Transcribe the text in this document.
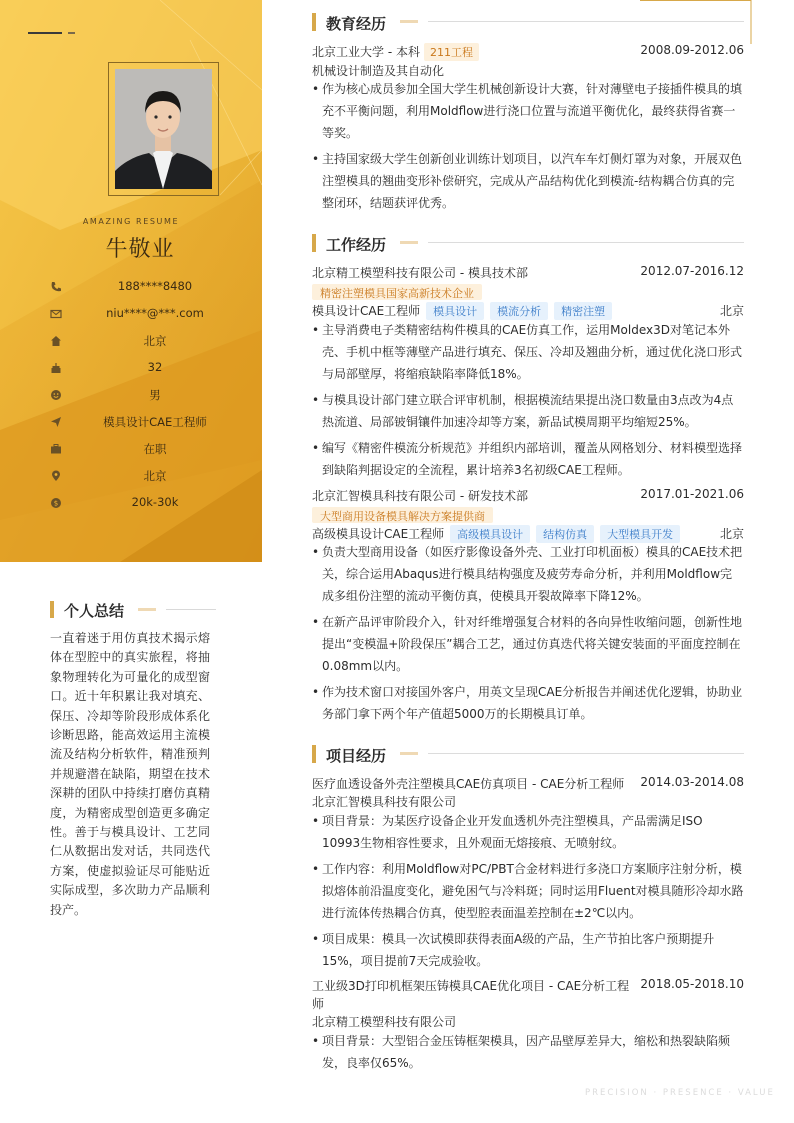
AMAZING RESUME
牛敬业
188****8480
niu****@***.com
北京
32
男
模具设计CAE工程师
在职
北京
$	20k-30k
个人总结
一直着迷于用仿真技术揭示熔体在型腔中的真实旅程，将抽象物理转化为可量化的成型窗口。近十年积累让我对填充、保压、冷却等阶段形成体系化诊断思路，能高效运用主流模流及结构分析软件，精准预判并规避潜在缺陷，期望在技术深耕的团队中持续打磨仿真精度，为精密成型创造更多确定性。善于与模具设计、工艺同仁从数据出发对话，共同迭代方案，使虚拟验证尽可能贴近实际成型，多次助力产品顺利投产。
教育经历
北京工业大学 - 本科 211工程	2008.09-2012.06
机械设计制造及其自动化
• 作为核心成员参加全国大学生机械创新设计大赛，针对薄壁电子接插件模具的填充不平衡问题，利用Moldflow进行浇口位置与流道平衡优化，最终获得省赛一等奖。
• 主持国家级大学生创新创业训练计划项目，以汽车车灯侧灯罩为对象，开展双色注塑模具的翘曲变形补偿研究，完成从产品结构优化到模流-结构耦合仿真的完整闭环，结题获评优秀。
工作经历
北京精工模塑科技有限公司 - 模具技术部	2012.07-2016.12
精密注塑模具国家高新技术企业
模具设计CAE工程师 模具设计 模流分析 精密注塑	北京
• 主导消费电子类精密结构件模具的CAE仿真工作，运用Moldex3D对笔记本外壳、手机中框等薄壁产品进行填充、保压、冷却及翘曲分析，通过优化浇口形式与局部壁厚，将缩痕缺陷率降低18%。
• 与模具设计部门建立联合评审机制，根据模流结果提出浇口数量由3点改为4点热流道、局部铍铜镶件加速冷却等方案，新品试模周期平均缩短25%。
• 编写《精密件模流分析规范》并组织内部培训，覆盖从网格划分、材料模型选择到缺陷判据设定的全流程，累计培养3名初级CAE工程师。
北京汇智模具科技有限公司 - 研发技术部	2017.01-2021.06
大型商用设备模具解决方案提供商
高级模具设计CAE工程师 高级模具设计 结构仿真 大型模具开发	北京
• 负责大型商用设备（如医疗影像设备外壳、工业打印机面板）模具的CAE技术把关，综合运用Abaqus进行模具结构强度及疲劳寿命分析，并利用Moldflow完成多组份注塑的流动平衡仿真，使模具开裂故障率下降12%。
• 在新产品评审阶段介入，针对纤维增强复合材料的各向异性收缩问题，创新性地提出“变模温+阶段保压”耦合工艺，通过仿真迭代将关键安装面的平面度控制在0.08mm以内。
• 作为技术窗口对接国外客户，用英文呈现CAE分析报告并阐述优化逻辑，协助业务部门拿下两个年产值超5000万的长期模具订单。
项目经历
医疗血透设备外壳注塑模具CAE仿真项目 - CAE分析工程师 2014.03-2014.08
北京汇智模具科技有限公司
• 项目背景：为某医疗设备企业开发血透机外壳注塑模具，产品需满足ISO 10993生物相容性要求，且外观面无熔接痕、无喷射纹。
• 工作内容：利用Moldflow对PC/PBT合金材料进行多浇口方案顺序注射分析，模拟熔体前沿温度变化，避免困气与冷料斑；同时运用Fluent对模具随形冷却水路进行流体传热耦合仿真，使型腔表面温差控制在±2℃以内。
• 项目成果：模具一次试模即获得表面A级的产品，生产节拍比客户预期提升15%，项目提前7天完成验收。
工业级3D打印机框架压铸模具CAE优化项目 - CAE分析工程师
2018.05-2018.10
北京精工模塑科技有限公司
• 项目背景：大型铝合金压铸框架模具，因产品壁厚差异大，缩松和热裂缺陷频发，良率仅65%。
PRECISION · PRESENCE · VALUE
